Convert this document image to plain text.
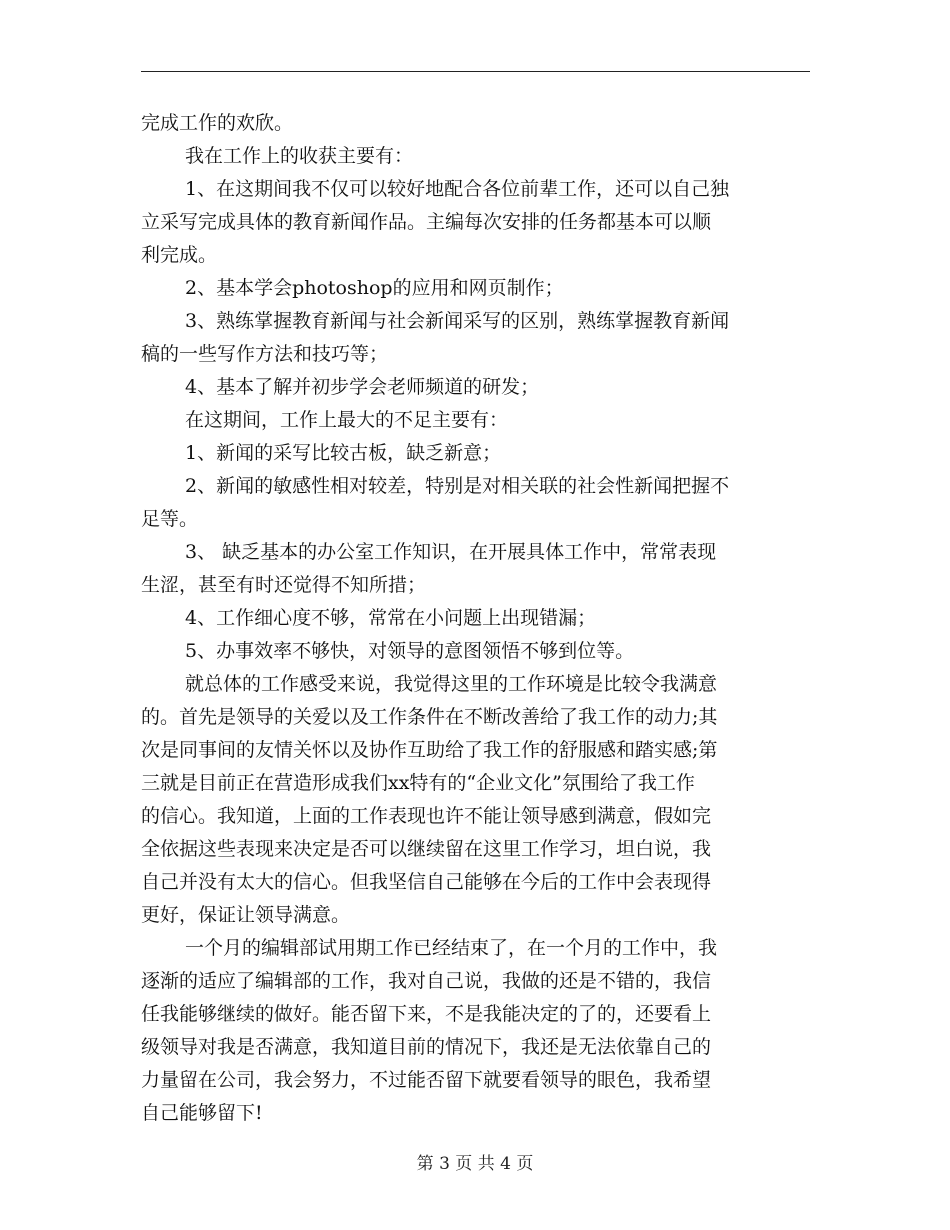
完成工作的欢欣。
我在工作上的收获主要有：
1、在这期间我不仅可以较好地配合各位前辈工作，还可以自己独
立采写完成具体的教育新闻作品。主编每次安排的任务都基本可以顺
利完成。
2、基本学会photoshop的应用和网页制作；
3、熟练掌握教育新闻与社会新闻采写的区别，熟练掌握教育新闻
稿的一些写作方法和技巧等；
4、基本了解并初步学会老师频道的研发；
在这期间，工作上最大的不足主要有：
1、新闻的采写比较古板，缺乏新意；
2、新闻的敏感性相对较差，特别是对相关联的社会性新闻把握不
足等。
3、 缺乏基本的办公室工作知识，在开展具体工作中，常常表现
生涩，甚至有时还觉得不知所措；
4、工作细心度不够，常常在小问题上出现错漏；
5、办事效率不够快，对领导的意图领悟不够到位等。
就总体的工作感受来说，我觉得这里的工作环境是比较令我满意
的。首先是领导的关爱以及工作条件在不断改善给了我工作的动力;其
次是同事间的友情关怀以及协作互助给了我工作的舒服感和踏实感;第
三就是目前正在营造形成我们xx特有的“企业文化”氛围给了我工作
的信心。我知道，上面的工作表现也许不能让领导感到满意，假如完
全依据这些表现来决定是否可以继续留在这里工作学习，坦白说，我
自己并没有太大的信心。但我坚信自己能够在今后的工作中会表现得
更好，保证让领导满意。
一个月的编辑部试用期工作已经结束了，在一个月的工作中，我
逐渐的适应了编辑部的工作，我对自己说，我做的还是不错的，我信
任我能够继续的做好。能否留下来，不是我能决定的了的，还要看上
级领导对我是否满意，我知道目前的情况下，我还是无法依靠自己的
力量留在公司，我会努力，不过能否留下就要看领导的眼色，我希望
自己能够留下!
第 3 页 共 4 页
